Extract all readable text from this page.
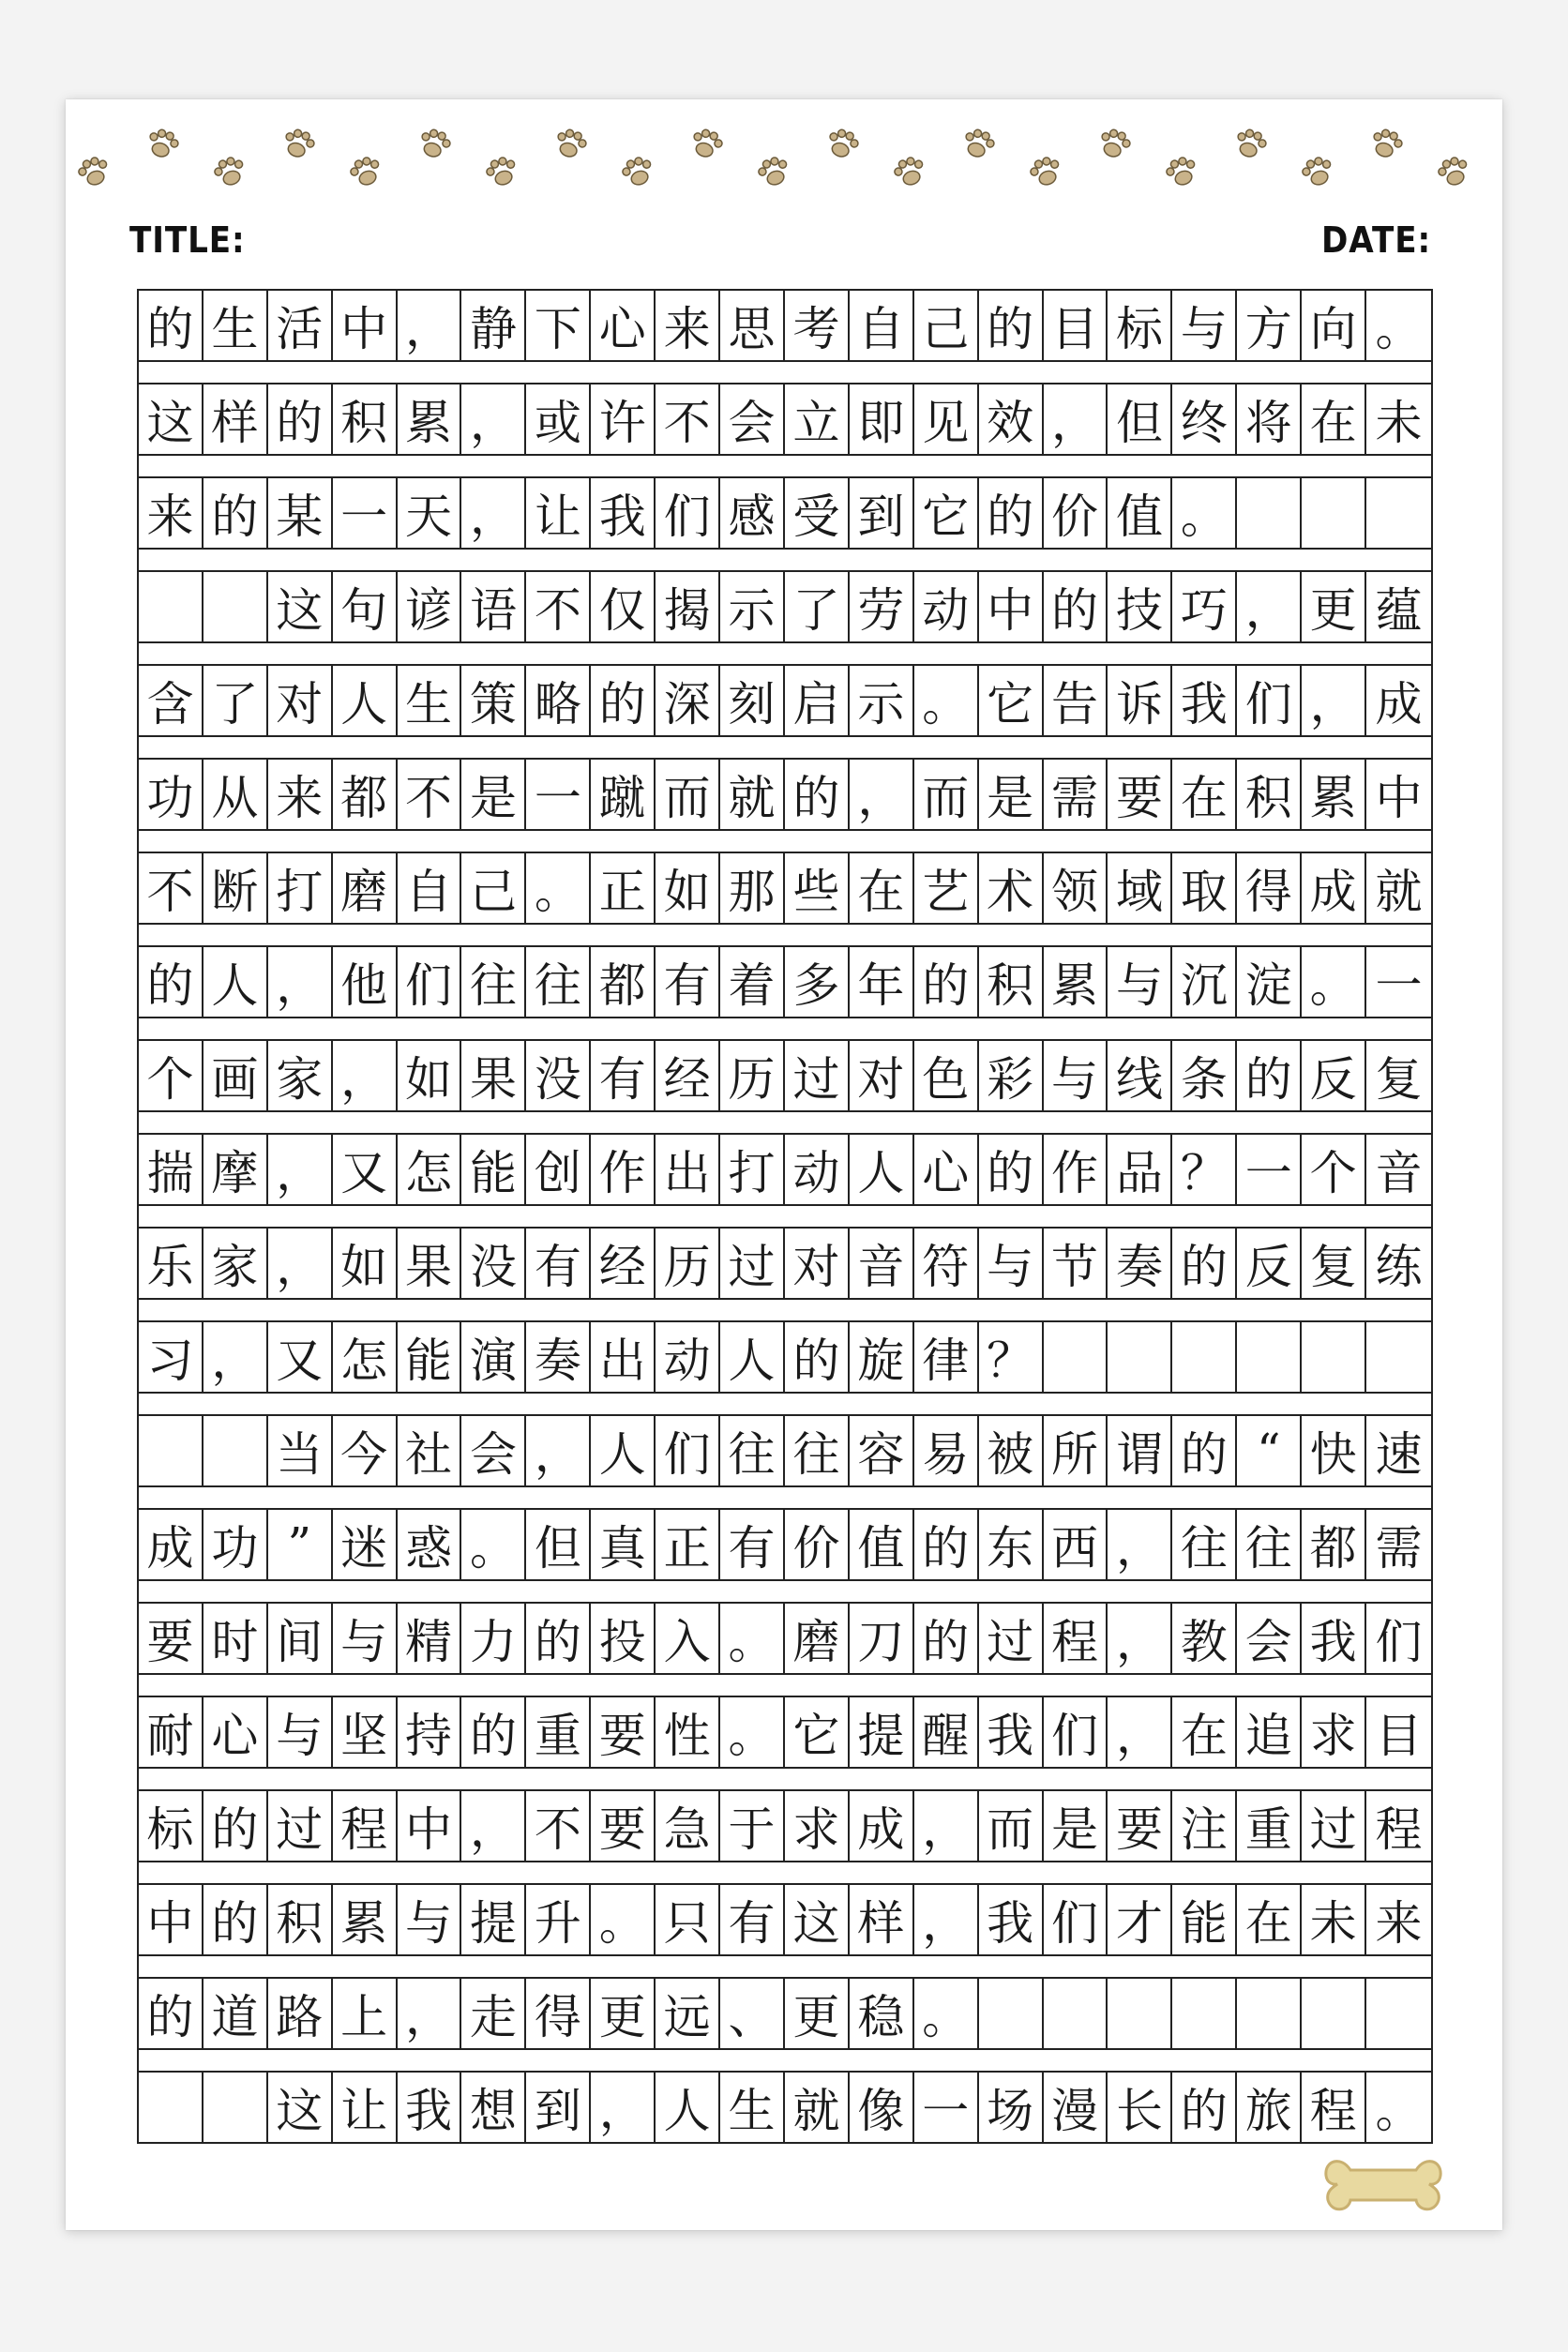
TITLE:	DATE:
的 生 活 中 ， 静 下 心 来 思 考 自 己 的 目 标 与 方 向 。
这 样 的 积 累 ， 或 许 不 会 立 即 见 效 ， 但 终 将 在 未
来 的 某 一 天 ， 让 我 们 感 受 到 它 的 价 值 。
这 句 谚 语 不 仅 揭 示 了 劳 动 中 的 技 巧 ， 更 蕴
含 了 对 人 生 策 略 的 深 刻 启 示 。 它 告 诉 我 们 ， 成
功 从 来 都 不 是 一 蹴 而 就 的 ， 而 是 需 要 在 积 累 中
不 断 打 磨 自 己 。 正 如 那 些 在 艺 术 领 域 取 得 成 就
的 人 ， 他 们 往 往 都 有 着 多 年 的 积 累 与 沉 淀 。 一
个 画 家 ， 如 果 没 有 经 历 过 对 色 彩 与 线 条 的 反 复
揣 摩 ， 又 怎 能 创 作 出 打 动 人 心 的 作 品 ？ 一 个 音
乐 家 ， 如 果 没 有 经 历 过 对 音 符 与 节 奏 的 反 复 练
习 ， 又 怎 能 演 奏 出 动 人 的 旋 律 ？
当 今 社 会 ， 人 们 往 往 容 易 被 所 谓 的 “ 快 速
成 功 ” 迷 惑 。 但 真 正 有 价 值 的 东 西 ， 往 往 都 需
要 时 间 与 精 力 的 投 入 。 磨 刀 的 过 程 ， 教 会 我 们
耐 心 与 坚 持 的 重 要 性 。 它 提 醒 我 们 ， 在 追 求 目
标 的 过 程 中 ， 不 要 急 于 求 成 ， 而 是 要 注 重 过 程
中 的 积 累 与 提 升 。 只 有 这 样 ， 我 们 才 能 在 未 来
的 道 路 上 ， 走 得 更 远 、 更 稳 。
这 让 我 想 到 ， 人 生 就 像 一 场 漫 长 的 旅 程 。
